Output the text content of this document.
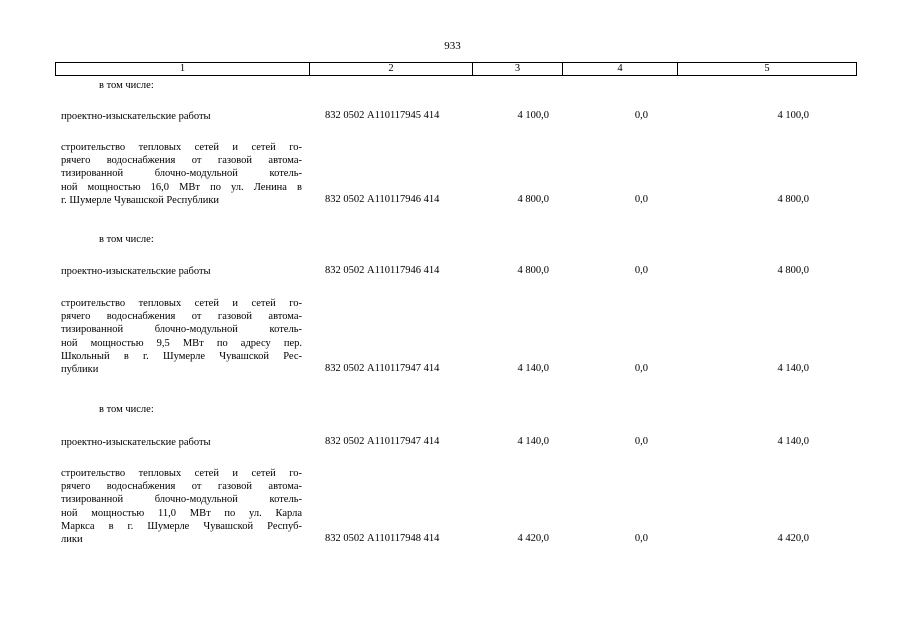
933
1	2	3	4	5
в том числе:
проектно-изыскательские работы	832 0502 А110117945 414	4 100,0	0,0	4 100,0
строительство тепловых сетей и сетей го-
рячего водоснабжения от газовой автома-
тизированной блочно-модульной котель-
ной мощностью 16,0 МВт по ул. Ленина в
г. Шумерле Чувашской Республики	832 0502 А110117946 414	4 800,0	0,0	4 800,0
в том числе:
проектно-изыскательские работы	832 0502 А110117946 414	4 800,0	0,0	4 800,0
строительство тепловых сетей и сетей го-
рячего водоснабжения от газовой автома-
тизированной блочно-модульной котель-
ной мощностью 9,5 МВт по адресу пер.
Школьный в г. Шумерле Чувашской Рес-
публики	832 0502 А110117947 414	4 140,0	0,0	4 140,0
в том числе:
проектно-изыскательские работы	832 0502 А110117947 414	4 140,0	0,0	4 140,0
строительство тепловых сетей и сетей го-
рячего водоснабжения от газовой автома-
тизированной блочно-модульной котель-
ной мощностью 11,0 МВт по ул. Карла
Маркса в г. Шумерле Чувашской Респуб-
лики	832 0502 А110117948 414	4 420,0	0,0	4 420,0
